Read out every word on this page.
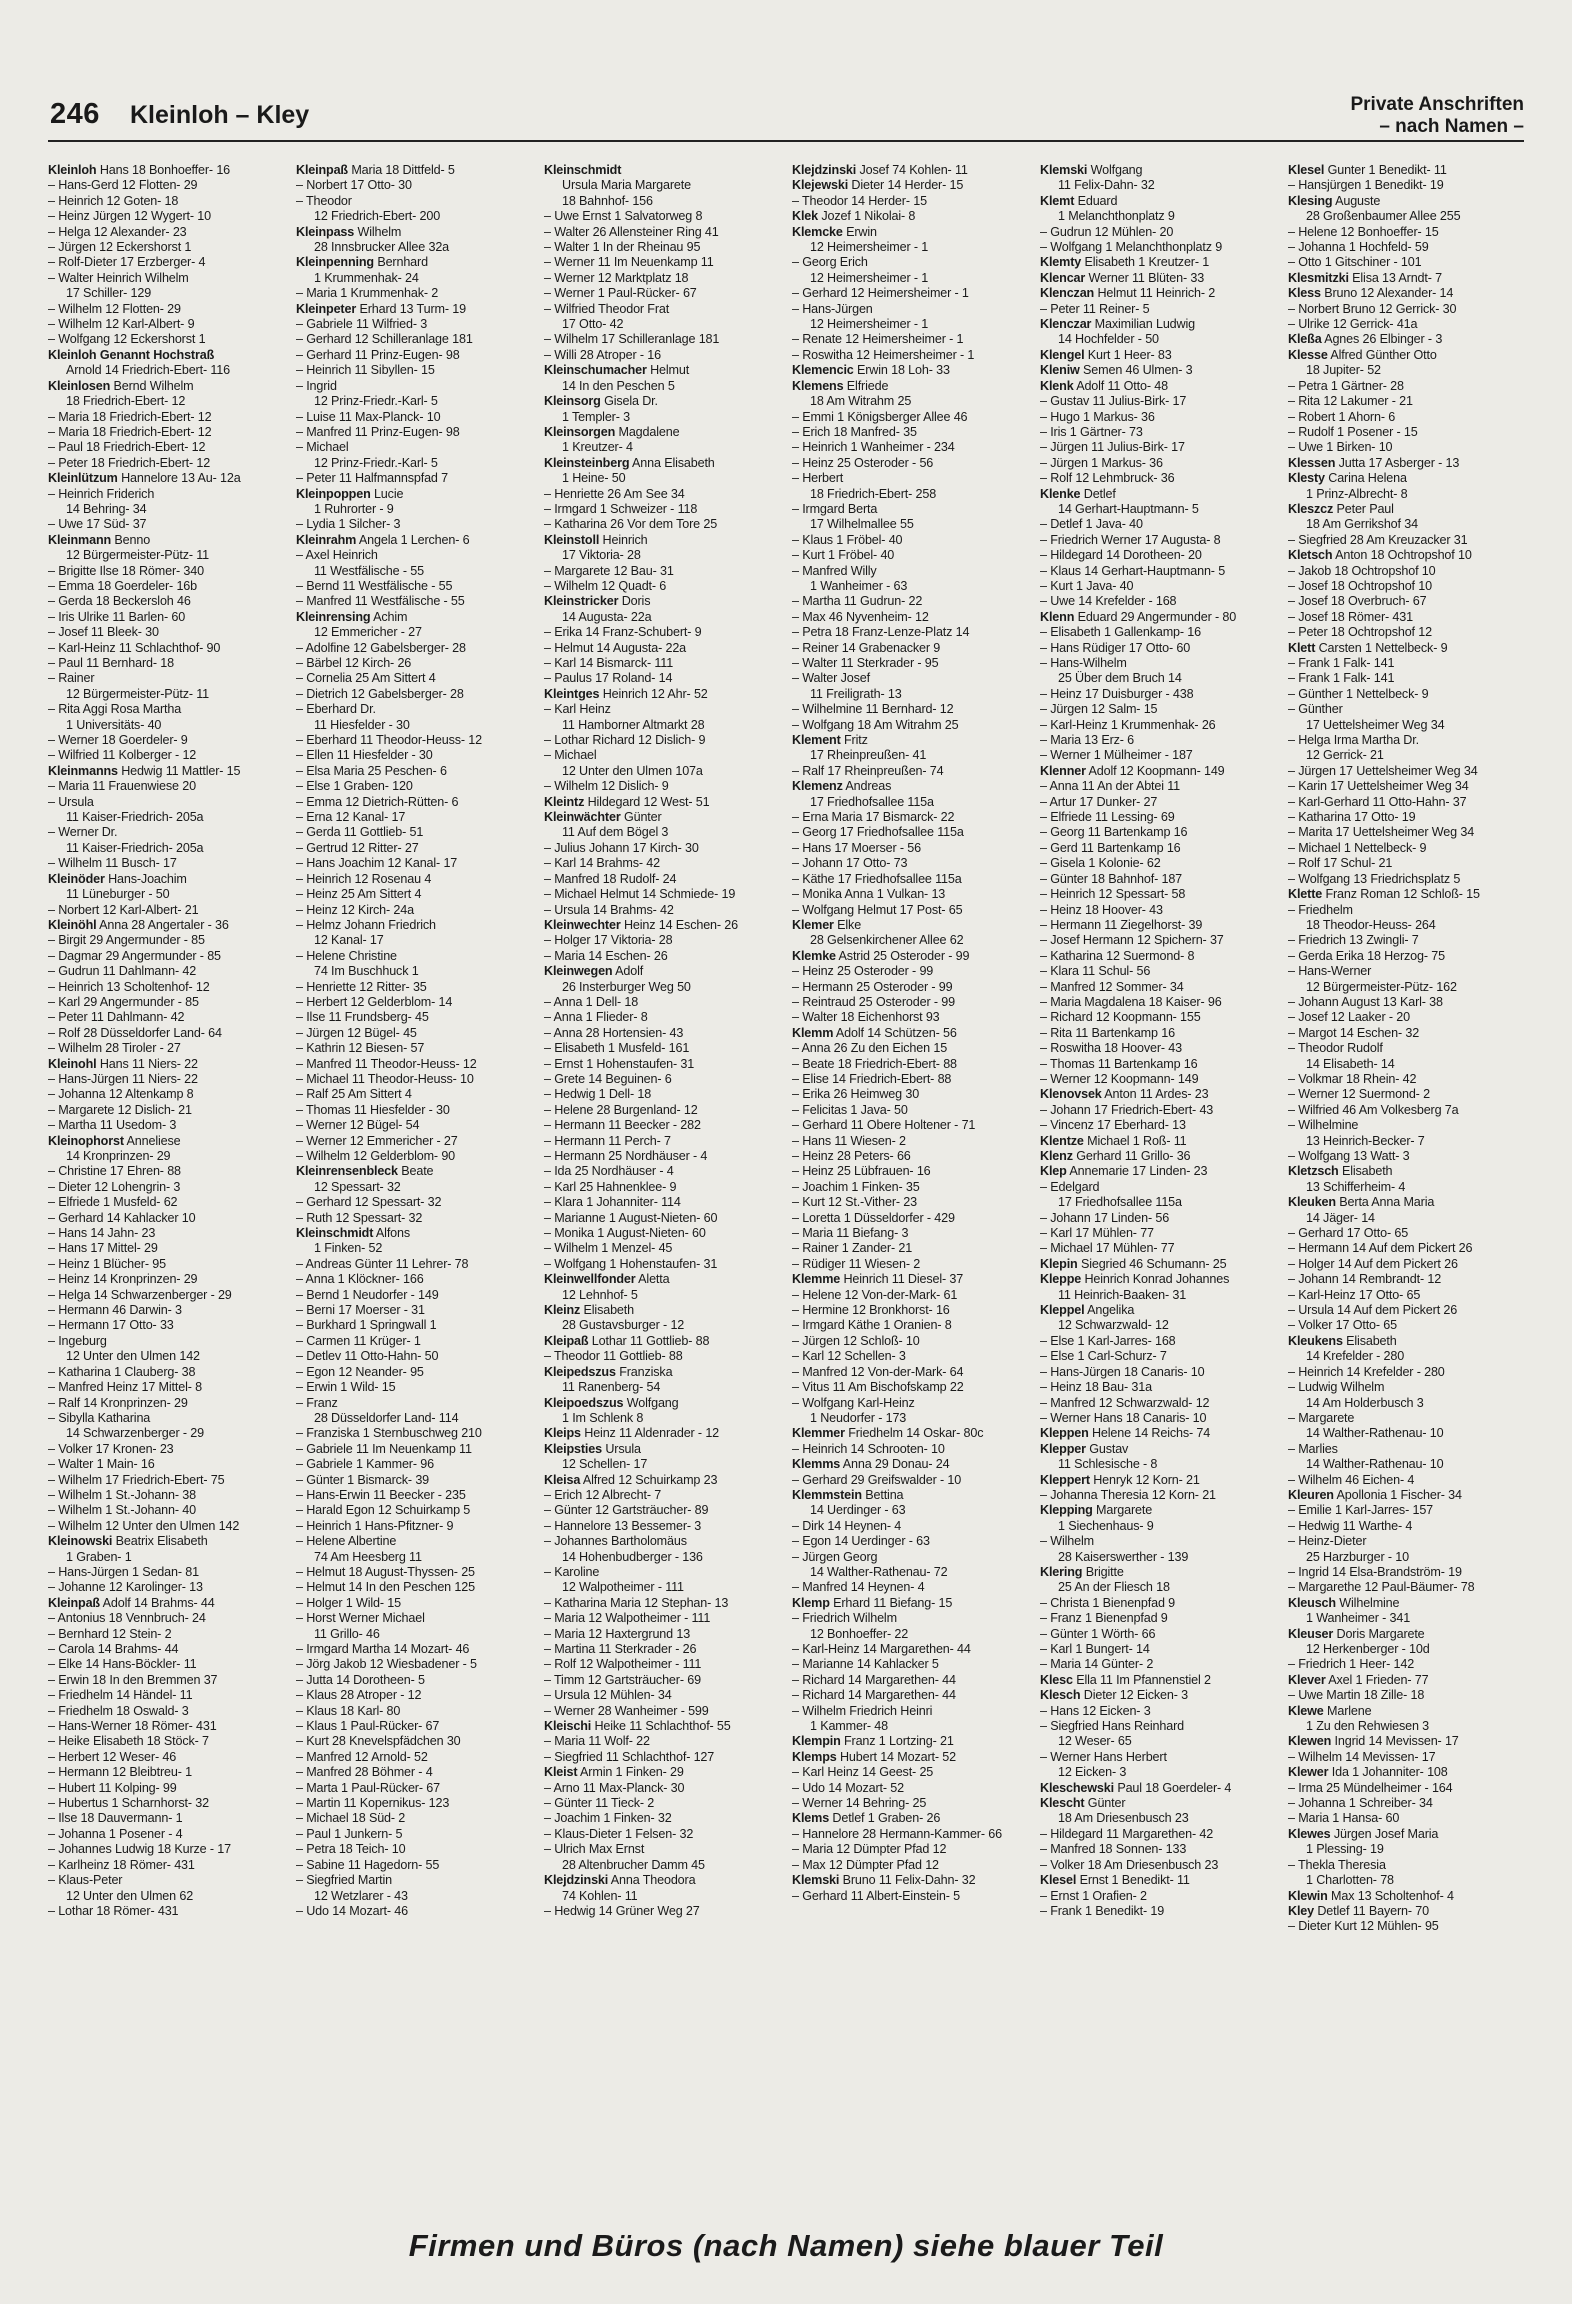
246 Kleinloh – Kley	Private Anschriften
– nach Namen –
Kleinloh Hans 18 Bonhoeffer- 16
– Hans-Gerd 12 Flotten- 29
– Heinrich 12 Goten- 18
– Heinz Jürgen 12 Wygert- 10
– Helga 12 Alexander- 23
– Jürgen 12 Eckershorst 1
– Rolf-Dieter 17 Erzberger- 4
– Walter Heinrich Wilhelm
17 Schiller- 129
– Wilhelm 12 Flotten- 29
– Wilhelm 12 Karl-Albert- 9
– Wolfgang 12 Eckershorst 1
Kleinloh Genannt Hochstraß
Arnold 14 Friedrich-Ebert- 116
Kleinlosen Bernd Wilhelm
18 Friedrich-Ebert- 12
– Maria 18 Friedrich-Ebert- 12
– Maria 18 Friedrich-Ebert- 12
– Paul 18 Friedrich-Ebert- 12
– Peter 18 Friedrich-Ebert- 12
Kleinlützum Hannelore 13 Au- 12a
– Heinrich Friderich
14 Behring- 34
– Uwe 17 Süd- 37
Kleinmann Benno
12 Bürgermeister-Pütz- 11
– Brigitte Ilse 18 Römer- 340
– Emma 18 Goerdeler- 16b
– Gerda 18 Beckersloh 46
– Iris Ulrike 11 Barlen- 60
– Josef 11 Bleek- 30
– Karl-Heinz 11 Schlachthof- 90
– Paul 11 Bernhard- 18
– Rainer
12 Bürgermeister-Pütz- 11
– Rita Aggi Rosa Martha
1 Universitäts- 40
– Werner 18 Goerdeler- 9
– Wilfried 11 Kolberger - 12
Kleinmanns Hedwig 11 Mattler- 15
– Maria 11 Frauenwiese 20
– Ursula
11 Kaiser-Friedrich- 205a
– Werner Dr.
11 Kaiser-Friedrich- 205a
– Wilhelm 11 Busch- 17
Kleinöder Hans-Joachim
11 Lüneburger - 50
– Norbert 12 Karl-Albert- 21
Kleinöhl Anna 28 Angertaler - 36
– Birgit 29 Angermunder - 85
– Dagmar 29 Angermunder - 85
– Gudrun 11 Dahlmann- 42
– Heinrich 13 Scholtenhof- 12
– Karl 29 Angermunder - 85
– Peter 11 Dahlmann- 42
– Rolf 28 Düsseldorfer Land- 64
– Wilhelm 28 Tiroler - 27
Kleinohl Hans 11 Niers- 22
– Hans-Jürgen 11 Niers- 22
– Johanna 12 Altenkamp 8
– Margarete 12 Dislich- 21
– Martha 11 Usedom- 3
Kleinophorst Anneliese
14 Kronprinzen- 29
– Christine 17 Ehren- 88
– Dieter 12 Lohengrin- 3
– Elfriede 1 Musfeld- 62
– Gerhard 14 Kahlacker 10
– Hans 14 Jahn- 23
– Hans 17 Mittel- 29
– Heinz 1 Blücher- 95
– Heinz 14 Kronprinzen- 29
– Helga 14 Schwarzenberger - 29
– Hermann 46 Darwin- 3
– Hermann 17 Otto- 33
– Ingeburg
12 Unter den Ulmen 142
– Katharina 1 Clauberg- 38
– Manfred Heinz 17 Mittel- 8
– Ralf 14 Kronprinzen- 29
– Sibylla Katharina
14 Schwarzenberger - 29
– Volker 17 Kronen- 23
– Walter 1 Main- 16
– Wilhelm 17 Friedrich-Ebert- 75
– Wilhelm 1 St.-Johann- 38
– Wilhelm 1 St.-Johann- 40
– Wilhelm 12 Unter den Ulmen 142
Kleinowski Beatrix Elisabeth
1 Graben- 1
– Hans-Jürgen 1 Sedan- 81
– Johanne 12 Karolinger- 13
Kleinpaß Adolf 14 Brahms- 44
– Antonius 18 Vennbruch- 24
– Bernhard 12 Stein- 2
– Carola 14 Brahms- 44
– Elke 14 Hans-Böckler- 11
– Erwin 18 In den Bremmen 37
– Friedhelm 14 Händel- 11
– Friedhelm 18 Oswald- 3
– Hans-Werner 18 Römer- 431
– Heike Elisabeth 18 Stöck- 7
– Herbert 12 Weser- 46
– Hermann 12 Bleibtreu- 1
– Hubert 11 Kolping- 99
– Hubertus 1 Scharnhorst- 32
– Ilse 18 Dauvermann- 1
– Johanna 1 Posener - 4
– Johannes Ludwig 18 Kurze - 17
– Karlheinz 18 Römer- 431
– Klaus-Peter
12 Unter den Ulmen 62
– Lothar 18 Römer- 431
Kleinpaß Maria 18 Dittfeld- 5
– Norbert 17 Otto- 30
– Theodor
12 Friedrich-Ebert- 200
Kleinpass Wilhelm
28 Innsbrucker Allee 32a
Kleinpenning Bernhard
1 Krummenhak- 24
– Maria 1 Krummenhak- 2
Kleinpeter Erhard 13 Turm- 19
– Gabriele 11 Wilfried- 3
– Gerhard 12 Schilleranlage 181
– Gerhard 11 Prinz-Eugen- 98
– Heinrich 11 Sibyllen- 15
– Ingrid
12 Prinz-Friedr.-Karl- 5
– Luise 11 Max-Planck- 10
– Manfred 11 Prinz-Eugen- 98
– Michael
12 Prinz-Friedr.-Karl- 5
– Peter 11 Halfmannspfad 7
Kleinpoppen Lucie
1 Ruhrorter - 9
– Lydia 1 Silcher- 3
Kleinrahm Angela 1 Lerchen- 6
– Axel Heinrich
11 Westfälische - 55
– Bernd 11 Westfälische - 55
– Manfred 11 Westfälische - 55
Kleinrensing Achim
12 Emmericher - 27
– Adolfine 12 Gabelsberger- 28
– Bärbel 12 Kirch- 26
– Cornelia 25 Am Sittert 4
– Dietrich 12 Gabelsberger- 28
– Eberhard Dr.
11 Hiesfelder - 30
– Eberhard 11 Theodor-Heuss- 12
– Ellen 11 Hiesfelder - 30
– Elsa Maria 25 Peschen- 6
– Else 1 Graben- 120
– Emma 12 Dietrich-Rütten- 6
– Erna 12 Kanal- 17
– Gerda 11 Gottlieb- 51
– Gertrud 12 Ritter- 27
– Hans Joachim 12 Kanal- 17
– Heinrich 12 Rosenau 4
– Heinz 25 Am Sittert 4
– Heinz 12 Kirch- 24a
– Helmz Johann Friedrich
12 Kanal- 17
– Helene Christine
74 Im Buschhuck 1
– Henriette 12 Ritter- 35
– Herbert 12 Gelderblom- 14
– Ilse 11 Frundsberg- 45
– Jürgen 12 Bügel- 45
– Kathrin 12 Biesen- 57
– Manfred 11 Theodor-Heuss- 12
– Michael 11 Theodor-Heuss- 10
– Ralf 25 Am Sittert 4
– Thomas 11 Hiesfelder - 30
– Werner 12 Bügel- 54
– Werner 12 Emmericher - 27
– Wilhelm 12 Gelderblom- 90
Kleinrensenbleck Beate
12 Spessart- 32
– Gerhard 12 Spessart- 32
– Ruth 12 Spessart- 32
Kleinschmidt Alfons
1 Finken- 52
– Andreas Günter 11 Lehrer- 78
– Anna 1 Klöckner- 166
– Bernd 1 Neudorfer - 149
– Berni 17 Moerser - 31
– Burkhard 1 Springwall 1
– Carmen 11 Krüger- 1
– Detlev 11 Otto-Hahn- 50
– Egon 12 Neander- 95
– Erwin 1 Wild- 15
– Franz
28 Düsseldorfer Land- 114
– Franziska 1 Sternbuschweg 210
– Gabriele 11 Im Neuenkamp 11
– Gabriele 1 Kammer- 96
– Günter 1 Bismarck- 39
– Hans-Erwin 11 Beecker - 235
– Harald Egon 12 Schuirkamp 5
– Heinrich 1 Hans-Pfitzner- 9
– Helene Albertine
74 Am Heesberg 11
– Helmut 18 August-Thyssen- 25
– Helmut 14 In den Peschen 125
– Holger 1 Wild- 15
– Horst Werner Michael
11 Grillo- 46
– Irmgard Martha 14 Mozart- 46
– Jörg Jakob 12 Wiesbadener - 5
– Jutta 14 Dorotheen- 5
– Klaus 28 Atroper - 12
– Klaus 18 Karl- 80
– Klaus 1 Paul-Rücker- 67
– Kurt 28 Knevelspfädchen 30
– Manfred 12 Arnold- 52
– Manfred 28 Böhmer - 4
– Marta 1 Paul-Rücker- 67
– Martin 11 Kopernikus- 123
– Michael 18 Süd- 2
– Paul 1 Junkern- 5
– Petra 18 Teich- 10
– Sabine 11 Hagedorn- 55
– Siegfried Martin
12 Wetzlarer - 43
– Udo 14 Mozart- 46
Kleinschmidt
Ursula Maria Margarete
18 Bahnhof- 156
– Uwe Ernst 1 Salvatorweg 8
– Walter 26 Allensteiner Ring 41
– Walter 1 In der Rheinau 95
– Werner 11 Im Neuenkamp 11
– Werner 12 Marktplatz 18
– Werner 1 Paul-Rücker- 67
– Wilfried Theodor Frat
17 Otto- 42
– Wilhelm 17 Schilleranlage 181
– Willi 28 Atroper - 16
Kleinschumacher Helmut
14 In den Peschen 5
Kleinsorg Gisela Dr.
1 Templer- 3
Kleinsorgen Magdalene
1 Kreutzer- 4
Kleinsteinberg Anna Elisabeth
1 Heine- 50
– Henriette 26 Am See 34
– Irmgard 1 Schweizer - 118
– Katharina 26 Vor dem Tore 25
Kleinstoll Heinrich
17 Viktoria- 28
– Margarete 12 Bau- 31
– Wilhelm 12 Quadt- 6
Kleinstricker Doris
14 Augusta- 22a
– Erika 14 Franz-Schubert- 9
– Helmut 14 Augusta- 22a
– Karl 14 Bismarck- 111
– Paulus 17 Roland- 14
Kleintges Heinrich 12 Ahr- 52
– Karl Heinz
11 Hamborner Altmarkt 28
– Lothar Richard 12 Dislich- 9
– Michael
12 Unter den Ulmen 107a
– Wilhelm 12 Dislich- 9
Kleintz Hildegard 12 West- 51
Kleinwächter Günter
11 Auf dem Bögel 3
– Julius Johann 17 Kirch- 30
– Karl 14 Brahms- 42
– Manfred 18 Rudolf- 24
– Michael Helmut 14 Schmiede- 19
– Ursula 14 Brahms- 42
Kleinwechter Heinz 14 Eschen- 26
– Holger 17 Viktoria- 28
– Maria 14 Eschen- 26
Kleinwegen Adolf
26 Insterburger Weg 50
– Anna 1 Dell- 18
– Anna 1 Flieder- 8
– Anna 28 Hortensien- 43
– Elisabeth 1 Musfeld- 161
– Ernst 1 Hohenstaufen- 31
– Grete 14 Beguinen- 6
– Hedwig 1 Dell- 18
– Helene 28 Burgenland- 12
– Hermann 11 Beecker - 282
– Hermann 11 Perch- 7
– Hermann 25 Nordhäuser - 4
– Ida 25 Nordhäuser - 4
– Karl 25 Hahnenklee- 9
– Klara 1 Johanniter- 114
– Marianne 1 August-Nieten- 60
– Monika 1 August-Nieten- 60
– Wilhelm 1 Menzel- 45
– Wolfgang 1 Hohenstaufen- 31
Kleinwellfonder Aletta
12 Lehnhof- 5
Kleinz Elisabeth
28 Gustavsburger - 12
Kleipaß Lothar 11 Gottlieb- 88
– Theodor 11 Gottlieb- 88
Kleipedszus Franziska
11 Ranenberg- 54
Kleipoedszus Wolfgang
1 Im Schlenk 8
Kleips Heinz 11 Aldenrader - 12
Kleipsties Ursula
12 Schellen- 17
Kleisa Alfred 12 Schuirkamp 23
– Erich 12 Albrecht- 7
– Günter 12 Gartsträucher- 89
– Hannelore 13 Bessemer- 3
– Johannes Bartholomäus
14 Hohenbudberger - 136
– Karoline
12 Walpotheimer - 111
– Katharina Maria 12 Stephan- 13
– Maria 12 Walpotheimer - 111
– Maria 12 Haxtergrund 13
– Martina 11 Sterkrader - 26
– Rolf 12 Walpotheimer - 111
– Timm 12 Gartsträucher- 69
– Ursula 12 Mühlen- 34
– Werner 28 Wanheimer - 599
Kleischi Heike 11 Schlachthof- 55
– Maria 11 Wolf- 22
– Siegfried 11 Schlachthof- 127
Kleist Armin 1 Finken- 29
– Arno 11 Max-Planck- 30
– Günter 11 Tieck- 2
– Joachim 1 Finken- 32
– Klaus-Dieter 1 Felsen- 32
– Ulrich Max Ernst
28 Altenbrucher Damm 45
Klejdzinski Anna Theodora
74 Kohlen- 11
– Hedwig 14 Grüner Weg 27
Klejdzinski Josef 74 Kohlen- 11
Klejewski Dieter 14 Herder- 15
– Theodor 14 Herder- 15
Klek Jozef 1 Nikolai- 8
Klemcke Erwin
12 Heimersheimer - 1
– Georg Erich
12 Heimersheimer - 1
– Gerhard 12 Heimersheimer - 1
– Hans-Jürgen
12 Heimersheimer - 1
– Renate 12 Heimersheimer - 1
– Roswitha 12 Heimersheimer - 1
Klemencic Erwin 18 Loh- 33
Klemens Elfriede
18 Am Witrahm 25
– Emmi 1 Königsberger Allee 46
– Erich 18 Manfred- 35
– Heinrich 1 Wanheimer - 234
– Heinz 25 Osteroder - 56
– Herbert
18 Friedrich-Ebert- 258
– Irmgard Berta
17 Wilhelmallee 55
– Klaus 1 Fröbel- 40
– Kurt 1 Fröbel- 40
– Manfred Willy
1 Wanheimer - 63
– Martha 11 Gudrun- 22
– Max 46 Nyvenheim- 12
– Petra 18 Franz-Lenze-Platz 14
– Reiner 14 Grabenacker 9
– Walter 11 Sterkrader - 95
– Walter Josef
11 Freiligrath- 13
– Wilhelmine 11 Bernhard- 12
– Wolfgang 18 Am Witrahm 25
Klement Fritz
17 Rheinpreußen- 41
– Ralf 17 Rheinpreußen- 74
Klemenz Andreas
17 Friedhofsallee 115a
– Erna Maria 17 Bismarck- 22
– Georg 17 Friedhofsallee 115a
– Hans 17 Moerser - 56
– Johann 17 Otto- 73
– Käthe 17 Friedhofsallee 115a
– Monika Anna 1 Vulkan- 13
– Wolfgang Helmut 17 Post- 65
Klemer Elke
28 Gelsenkirchener Allee 62
Klemke Astrid 25 Osteroder - 99
– Heinz 25 Osteroder - 99
– Hermann 25 Osteroder - 99
– Reintraud 25 Osteroder - 99
– Walter 18 Eichenhorst 93
Klemm Adolf 14 Schützen- 56
– Anna 26 Zu den Eichen 15
– Beate 18 Friedrich-Ebert- 88
– Elise 14 Friedrich-Ebert- 88
– Erika 26 Heimweg 30
– Felicitas 1 Java- 50
– Gerhard 11 Obere Holtener - 71
– Hans 11 Wiesen- 2
– Heinz 28 Peters- 66
– Heinz 25 Lübfrauen- 16
– Joachim 1 Finken- 35
– Kurt 12 St.-Vither- 23
– Loretta 1 Düsseldorfer - 429
– Maria 11 Biefang- 3
– Rainer 1 Zander- 21
– Rüdiger 11 Wiesen- 2
Klemme Heinrich 11 Diesel- 37
– Helene 12 Von-der-Mark- 61
– Hermine 12 Bronkhorst- 16
– Irmgard Käthe 1 Oranien- 8
– Jürgen 12 Schloß- 10
– Karl 12 Schellen- 3
– Manfred 12 Von-der-Mark- 64
– Vitus 11 Am Bischofskamp 22
– Wolfgang Karl-Heinz
1 Neudorfer - 173
Klemmer Friedhelm 14 Oskar- 80c
– Heinrich 14 Schrooten- 10
Klemms Anna 29 Donau- 24
– Gerhard 29 Greifswalder - 10
Klemmstein Bettina
14 Uerdinger - 63
– Dirk 14 Heynen- 4
– Egon 14 Uerdinger - 63
– Jürgen Georg
14 Walther-Rathenau- 72
– Manfred 14 Heynen- 4
Klemp Erhard 11 Biefang- 15
– Friedrich Wilhelm
12 Bonhoeffer- 22
– Karl-Heinz 14 Margarethen- 44
– Marianne 14 Kahlacker 5
– Richard 14 Margarethen- 44
– Richard 14 Margarethen- 44
– Wilhelm Friedrich Heinri
1 Kammer- 48
Klempin Franz 1 Lortzing- 21
Klemps Hubert 14 Mozart- 52
– Karl Heinz 14 Geest- 25
– Udo 14 Mozart- 52
– Werner 14 Behring- 25
Klems Detlef 1 Graben- 26
– Hannelore 28 Hermann-Kammer- 66
– Maria 12 Dümpter Pfad 12
– Max 12 Dümpter Pfad 12
Klemski Bruno 11 Felix-Dahn- 32
– Gerhard 11 Albert-Einstein- 5
Klemski Wolfgang
11 Felix-Dahn- 32
Klemt Eduard
1 Melanchthonplatz 9
– Gudrun 12 Mühlen- 20
– Wolfgang 1 Melanchthonplatz 9
Klemty Elisabeth 1 Kreutzer- 1
Klencar Werner 11 Blüten- 33
Klenczan Helmut 11 Heinrich- 2
– Peter 11 Reiner- 5
Klenczar Maximilian Ludwig
14 Hochfelder - 50
Klengel Kurt 1 Heer- 83
Kleniw Semen 46 Ulmen- 3
Klenk Adolf 11 Otto- 48
– Gustav 11 Julius-Birk- 17
– Hugo 1 Markus- 36
– Iris 1 Gärtner- 73
– Jürgen 11 Julius-Birk- 17
– Jürgen 1 Markus- 36
– Rolf 12 Lehmbruck- 36
Klenke Detlef
14 Gerhart-Hauptmann- 5
– Detlef 1 Java- 40
– Friedrich Werner 17 Augusta- 8
– Hildegard 14 Dorotheen- 20
– Klaus 14 Gerhart-Hauptmann- 5
– Kurt 1 Java- 40
– Uwe 14 Krefelder - 168
Klenn Eduard 29 Angermunder - 80
– Elisabeth 1 Gallenkamp- 16
– Hans Rüdiger 17 Otto- 60
– Hans-Wilhelm
25 Über dem Bruch 14
– Heinz 17 Duisburger - 438
– Jürgen 12 Salm- 15
– Karl-Heinz 1 Krummenhak- 26
– Maria 13 Erz- 6
– Werner 1 Mülheimer - 187
Klenner Adolf 12 Koopmann- 149
– Anna 11 An der Abtei 11
– Artur 17 Dunker- 27
– Elfriede 11 Lessing- 69
– Georg 11 Bartenkamp 16
– Gerd 11 Bartenkamp 16
– Gisela 1 Kolonie- 62
– Günter 18 Bahnhof- 187
– Heinrich 12 Spessart- 58
– Heinz 18 Hoover- 43
– Hermann 11 Ziegelhorst- 39
– Josef Hermann 12 Spichern- 37
– Katharina 12 Suermond- 8
– Klara 11 Schul- 56
– Manfred 12 Sommer- 34
– Maria Magdalena 18 Kaiser- 96
– Richard 12 Koopmann- 155
– Rita 11 Bartenkamp 16
– Roswitha 18 Hoover- 43
– Thomas 11 Bartenkamp 16
– Werner 12 Koopmann- 149
Klenovsek Anton 11 Ardes- 23
– Johann 17 Friedrich-Ebert- 43
– Vincenz 17 Eberhard- 13
Klentze Michael 1 Roß- 11
Klenz Gerhard 11 Grillo- 36
Klep Annemarie 17 Linden- 23
– Edelgard
17 Friedhofsallee 115a
– Johann 17 Linden- 56
– Karl 17 Mühlen- 77
– Michael 17 Mühlen- 77
Klepin Siegried 46 Schumann- 25
Kleppe Heinrich Konrad Johannes
11 Heinrich-Baaken- 31
Kleppel Angelika
12 Schwarzwald- 12
– Else 1 Karl-Jarres- 168
– Else 1 Carl-Schurz- 7
– Hans-Jürgen 18 Canaris- 10
– Heinz 18 Bau- 31a
– Manfred 12 Schwarzwald- 12
– Werner Hans 18 Canaris- 10
Kleppen Helene 14 Reichs- 74
Klepper Gustav
11 Schlesische - 8
Kleppert Henryk 12 Korn- 21
– Johanna Theresia 12 Korn- 21
Klepping Margarete
1 Siechenhaus- 9
– Wilhelm
28 Kaiserswerther - 139
Klering Brigitte
25 An der Fliesch 18
– Christa 1 Bienenpfad 9
– Franz 1 Bienenpfad 9
– Günter 1 Wörth- 66
– Karl 1 Bungert- 14
– Maria 14 Günter- 2
Klesc Ella 11 Im Pfannenstiel 2
Klesch Dieter 12 Eicken- 3
– Hans 12 Eicken- 3
– Siegfried Hans Reinhard
12 Weser- 65
– Werner Hans Herbert
12 Eicken- 3
Kleschewski Paul 18 Goerdeler- 4
Klescht Günter
18 Am Driesenbusch 23
– Hildegard 11 Margarethen- 42
– Manfred 18 Sonnen- 133
– Volker 18 Am Driesenbusch 23
Klesel Ernst 1 Benedikt- 11
– Ernst 1 Orafien- 2
– Frank 1 Benedikt- 19
Klesel Gunter 1 Benedikt- 11
– Hansjürgen 1 Benedikt- 19
Klesing Auguste
28 Großenbaumer Allee 255
– Helene 12 Bonhoeffer- 15
– Johanna 1 Hochfeld- 59
– Otto 1 Gitschiner - 101
Klesmitzki Elisa 13 Arndt- 7
Kless Bruno 12 Alexander- 14
– Norbert Bruno 12 Gerrick- 30
– Ulrike 12 Gerrick- 41a
Kleßa Agnes 26 Elbinger - 3
Klesse Alfred Günther Otto
18 Jupiter- 52
– Petra 1 Gärtner- 28
– Rita 12 Lakumer - 21
– Robert 1 Ahorn- 6
– Rudolf 1 Posener - 15
– Uwe 1 Birken- 10
Klessen Jutta 17 Asberger - 13
Klesty Carina Helena
1 Prinz-Albrecht- 8
Kleszcz Peter Paul
18 Am Gerrikshof 34
– Siegfried 28 Am Kreuzacker 31
Kletsch Anton 18 Ochtropshof 10
– Jakob 18 Ochtropshof 10
– Josef 18 Ochtropshof 10
– Josef 18 Overbruch- 67
– Josef 18 Römer- 431
– Peter 18 Ochtropshof 12
Klett Carsten 1 Nettelbeck- 9
– Frank 1 Falk- 141
– Frank 1 Falk- 141
– Günther 1 Nettelbeck- 9
– Günther
17 Uettelsheimer Weg 34
– Helga Irma Martha Dr.
12 Gerrick- 21
– Jürgen 17 Uettelsheimer Weg 34
– Karin 17 Uettelsheimer Weg 34
– Karl-Gerhard 11 Otto-Hahn- 37
– Katharina 17 Otto- 19
– Marita 17 Uettelsheimer Weg 34
– Michael 1 Nettelbeck- 9
– Rolf 17 Schul- 21
– Wolfgang 13 Friedrichsplatz 5
Klette Franz Roman 12 Schloß- 15
– Friedhelm
18 Theodor-Heuss- 264
– Friedrich 13 Zwingli- 7
– Gerda Erika 18 Herzog- 75
– Hans-Werner
12 Bürgermeister-Pütz- 162
– Johann August 13 Karl- 38
– Josef 12 Laaker - 20
– Margot 14 Eschen- 32
– Theodor Rudolf
14 Elisabeth- 14
– Volkmar 18 Rhein- 42
– Werner 12 Suermond- 2
– Wilfried 46 Am Volkesberg 7a
– Wilhelmine
13 Heinrich-Becker- 7
– Wolfgang 13 Watt- 3
Kletzsch Elisabeth
13 Schifferheim- 4
Kleuken Berta Anna Maria
14 Jäger- 14
– Gerhard 17 Otto- 65
– Hermann 14 Auf dem Pickert 26
– Holger 14 Auf dem Pickert 26
– Johann 14 Rembrandt- 12
– Karl-Heinz 17 Otto- 65
– Ursula 14 Auf dem Pickert 26
– Volker 17 Otto- 65
Kleukens Elisabeth
14 Krefelder - 280
– Heinrich 14 Krefelder - 280
– Ludwig Wilhelm
14 Am Holderbusch 3
– Margarete
14 Walther-Rathenau- 10
– Marlies
14 Walther-Rathenau- 10
– Wilhelm 46 Eichen- 4
Kleuren Apollonia 1 Fischer- 34
– Emilie 1 Karl-Jarres- 157
– Hedwig 11 Warthe- 4
– Heinz-Dieter
25 Harzburger - 10
– Ingrid 14 Elsa-Brandström- 19
– Margarethe 12 Paul-Bäumer- 78
Kleusch Wilhelmine
1 Wanheimer - 341
Kleuser Doris Margarete
12 Herkenberger - 10d
– Friedrich 1 Heer- 142
Klever Axel 1 Frieden- 77
– Uwe Martin 18 Zille- 18
Klewe Marlene
1 Zu den Rehwiesen 3
Klewen Ingrid 14 Mevissen- 17
– Wilhelm 14 Mevissen- 17
Klewer Ida 1 Johanniter- 108
– Irma 25 Mündelheimer - 164
– Johanna 1 Schreiber- 34
– Maria 1 Hansa- 60
Klewes Jürgen Josef Maria
1 Plessing- 19
– Thekla Theresia
1 Charlotten- 78
Klewin Max 13 Scholtenhof- 4
Kley Detlef 11 Bayern- 70
– Dieter Kurt 12 Mühlen- 95
Firmen und Büros (nach Namen) siehe blauer Teil
